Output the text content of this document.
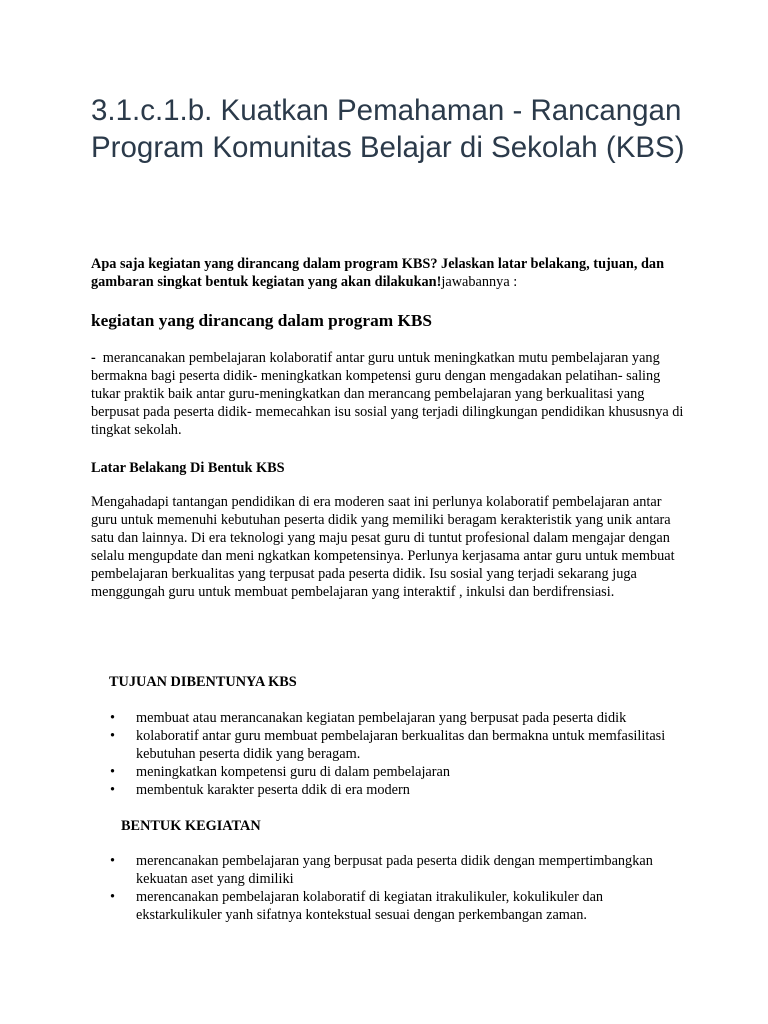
3.1.c.1.b. Kuatkan Pemahaman - Rancangan Program Komunitas Belajar di Sekolah (KBS)

Apa saja kegiatan yang dirancang dalam program KBS? Jelaskan latar belakang, tujuan, dan gambaran singkat bentuk kegiatan yang akan dilakukan!jawabannya :

kegiatan yang dirancang dalam program KBS

- merancanakan pembelajaran kolaboratif antar guru untuk meningkatkan mutu pembelajaran yang bermakna bagi peserta didik- meningkatkan kompetensi guru dengan mengadakan pelatihan- saling tukar praktik baik antar guru-meningkatkan dan merancang pembelajaran yang berkualitasi yang berpusat pada peserta didik- memecahkan isu sosial yang terjadi dilingkungan pendidikan khususnya di tingkat sekolah.

Latar Belakang Di Bentuk KBS

Mengahadapi tantangan pendidikan di era moderen saat ini perlunya kolaboratif pembelajaran antar guru untuk memenuhi kebutuhan peserta didik yang memiliki beragam kerakteristik yang unik antara satu dan lainnya. Di era teknologi yang maju pesat guru di tuntut profesional dalam mengajar dengan selalu mengupdate dan meni ngkatkan kompetensinya. Perlunya kerjasama antar guru untuk membuat pembelajaran berkualitas yang terpusat pada peserta didik. Isu sosial yang terjadi sekarang juga menggungah guru untuk membuat pembelajaran yang interaktif , inkulsi dan berdifrensiasi.

TUJUAN DIBENTUNYA KBS
• membuat atau merancanakan kegiatan pembelajaran yang berpusat pada peserta didik
• kolaboratif antar guru membuat pembelajaran berkualitas dan bermakna untuk memfasilitasi kebutuhan peserta didik yang beragam.
• meningkatkan kompetensi guru di dalam pembelajaran
• membentuk karakter peserta ddik di era modern
BENTUK KEGIATAN
• merencanakan pembelajaran yang berpusat pada peserta didik dengan mempertimbangkan kekuatan aset yang dimiliki
• merencanakan pembelajaran kolaboratif di kegiatan itrakulikuler, kokulikuler dan ekstarkulikuler yanh sifatnya kontekstual sesuai dengan perkembangan zaman.
